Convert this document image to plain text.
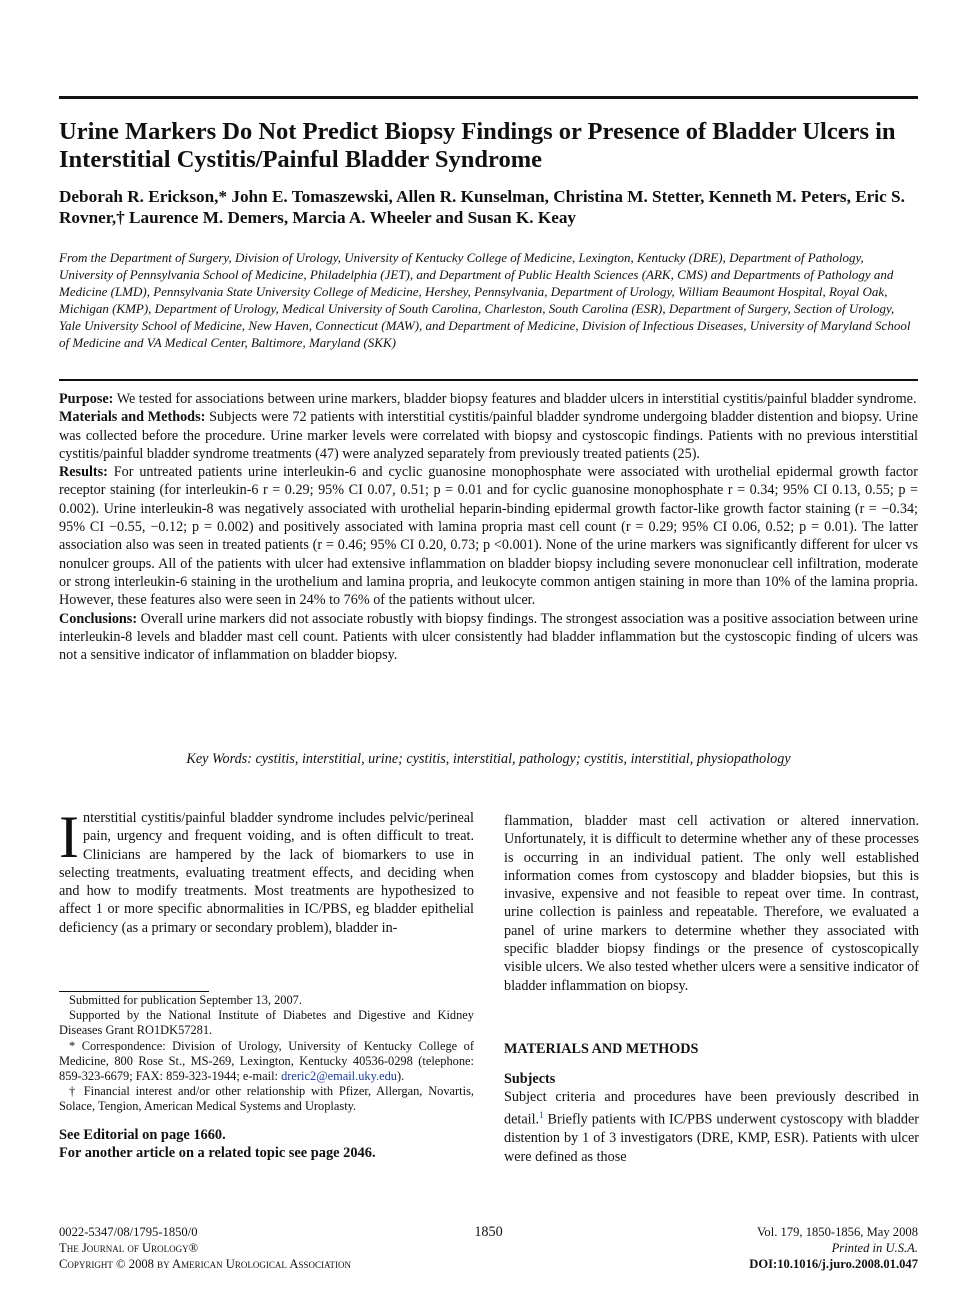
Urine Markers Do Not Predict Biopsy Findings or Presence of Bladder Ulcers in Interstitial Cystitis/Painful Bladder Syndrome

Deborah R. Erickson,* John E. Tomaszewski, Allen R. Kunselman, Christina M. Stetter, Kenneth M. Peters, Eric S. Rovner,† Laurence M. Demers, Marcia A. Wheeler and Susan K. Keay

From the Department of Surgery, Division of Urology, University of Kentucky College of Medicine, Lexington, Kentucky (DRE), Department of Pathology, University of Pennsylvania School of Medicine, Philadelphia (JET), and Department of Public Health Sciences (ARK, CMS) and Departments of Pathology and Medicine (LMD), Pennsylvania State University College of Medicine, Hershey, Pennsylvania, Department of Urology, William Beaumont Hospital, Royal Oak, Michigan (KMP), Department of Urology, Medical University of South Carolina, Charleston, South Carolina (ESR), Department of Surgery, Section of Urology, Yale University School of Medicine, New Haven, Connecticut (MAW), and Department of Medicine, Division of Infectious Diseases, University of Maryland School of Medicine and VA Medical Center, Baltimore, Maryland (SKK)

Purpose: We tested for associations between urine markers, bladder biopsy features and bladder ulcers in interstitial cystitis/painful bladder syndrome.

Materials and Methods: Subjects were 72 patients with interstitial cystitis/painful bladder syndrome undergoing bladder distention and biopsy. Urine was collected before the procedure. Urine marker levels were correlated with biopsy and cystoscopic findings. Patients with no previous interstitial cystitis/painful bladder syndrome treatments (47) were analyzed separately from previously treated patients (25).

Results: For untreated patients urine interleukin-6 and cyclic guanosine monophosphate were associated with urothelial epidermal growth factor receptor staining (for interleukin-6 r = 0.29; 95% CI 0.07, 0.51; p = 0.01 and for cyclic guanosine monophosphate r = 0.34; 95% CI 0.13, 0.55; p = 0.002). Urine interleukin-8 was negatively associated with urothelial heparin-binding epidermal growth factor-like growth factor staining (r = −0.34; 95% CI −0.55, −0.12; p = 0.002) and positively associated with lamina propria mast cell count (r = 0.29; 95% CI 0.06, 0.52; p = 0.01). The latter association also was seen in treated patients (r = 0.46; 95% CI 0.20, 0.73; p <0.001). None of the urine markers was significantly different for ulcer vs nonulcer groups. All of the patients with ulcer had extensive inflammation on bladder biopsy including severe mononuclear cell infiltration, moderate or strong interleukin-6 staining in the urothelium and lamina propria, and leukocyte common antigen staining in more than 10% of the lamina propria. However, these features also were seen in 24% to 76% of the patients without ulcer.

Conclusions: Overall urine markers did not associate robustly with biopsy findings. The strongest association was a positive association between urine interleukin-8 levels and bladder mast cell count. Patients with ulcer consistently had bladder inflammation but the cystoscopic finding of ulcers was not a sensitive indicator of inflammation on bladder biopsy.

Key Words: cystitis, interstitial, urine; cystitis, interstitial, pathology; cystitis, interstitial, physiopathology

Interstitial cystitis/painful bladder syndrome includes pelvic/perineal pain, urgency and frequent voiding, and is often difficult to treat. Clinicians are hampered by the lack of biomarkers to use in selecting treatments, evaluating treatment effects, and deciding when and how to modify treatments. Most treatments are hypothesized to affect 1 or more specific abnormalities in IC/PBS, eg bladder epithelial deficiency (as a primary or secondary problem), bladder in-

Submitted for publication September 13, 2007.

Supported by the National Institute of Diabetes and Digestive and Kidney Diseases Grant RO1DK57281.

* Correspondence: Division of Urology, University of Kentucky College of Medicine, 800 Rose St., MS-269, Lexington, Kentucky 40536-0298 (telephone: 859-323-6679; FAX: 859-323-1944; e-mail: dreric2@email.uky.edu).

† Financial interest and/or other relationship with Pfizer, Allergan, Novartis, Solace, Tengion, American Medical Systems and Uroplasty.

See Editorial on page 1660.
For another article on a related topic see page 2046.

flammation, bladder mast cell activation or altered innervation. Unfortunately, it is difficult to determine whether any of these processes is occurring in an individual patient. The only well established information comes from cystoscopy and bladder biopsies, but this is invasive, expensive and not feasible to repeat over time. In contrast, urine collection is painless and repeatable. Therefore, we evaluated a panel of urine markers to determine whether they associated with specific bladder biopsy findings or the presence of cystoscopically visible ulcers. We also tested whether ulcers were a sensitive indicator of bladder inflammation on biopsy.

MATERIALS AND METHODS
Subjects
Subject criteria and procedures have been previously described in detail.$^1$ Briefly patients with IC/PBS underwent cystoscopy with bladder distention by 1 of 3 investigators (DRE, KMP, ESR). Patients with ulcer were defined as those
0022-5347/08/1795-1850/0
The Journal of Urology®
Copyright © 2008 by American Urological Association
1850	Vol. 179, 1850-1856, May 2008
Printed in U.S.A.
DOI:10.1016/j.juro.2008.01.047
